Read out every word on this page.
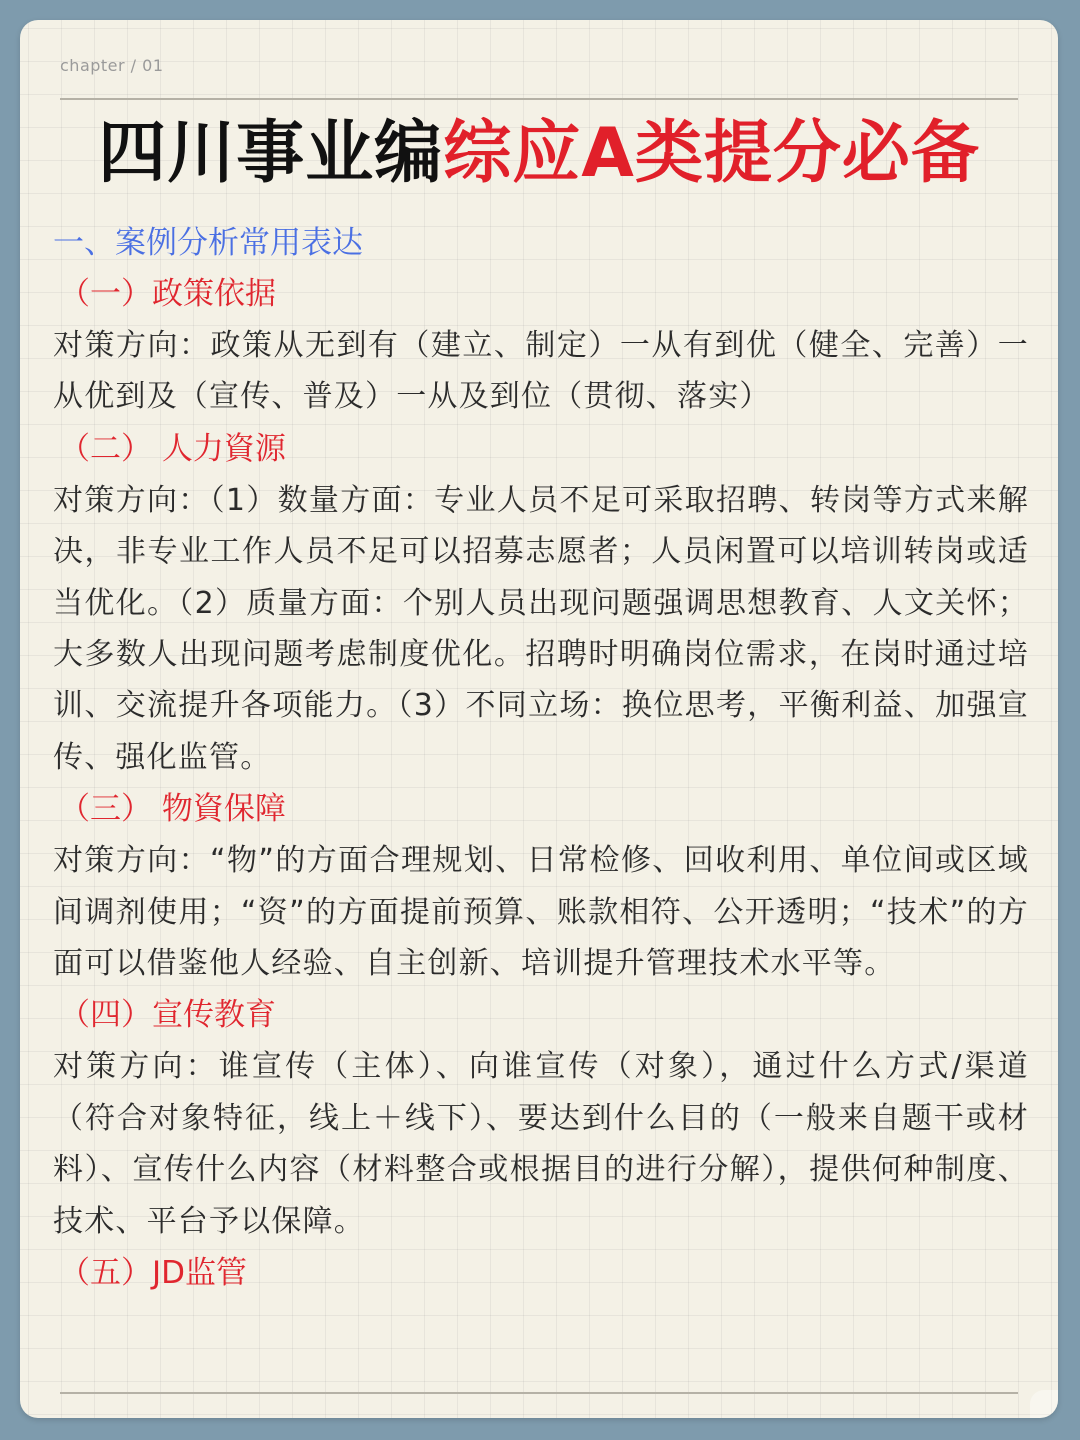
chapter / 01
四川事业编综应A类提分必备
一、案例分析常用表达
（一）政策依据

对策方向：政策从无到有（建立、制定）一从有到优（健全、完善）一从优到及（宣传、普及）一从及到位（贯彻、落实）

（二） 人力資源

对策方向：（1）数量方面：专业人员不足可采取招聘、转岗等方式来解决，非专业工作人员不足可以招募志愿者；人员闲置可以培训转岗或适当优化。（2）质量方面：个别人员出现问题强调思想教育、人文关怀；大多数人出现问题考虑制度优化。招聘时明确岗位需求，在岗时通过培训、交流提升各项能力。（3）不同立场：换位思考，平衡利益、加强宣传、强化监管。

（三） 物資保障

对策方向：“物”的方面合理规划、日常检修、回收利用、单位间或区域间调剂使用；“资”的方面提前预算、账款相符、公开透明；“技术”的方面可以借鉴他人经验、自主创新、培训提升管理技术水平等。

（四）宣传教育

对策方向：谁宣传（主体）、向谁宣传（对象），通过什么方式/渠道（符合对象特征，线上＋线下）、要达到什么目的（一般来自题干或材料）、宣传什么内容（材料整合或根据目的进行分解），提供何种制度、技术、平台予以保障。

（五）JD监管
